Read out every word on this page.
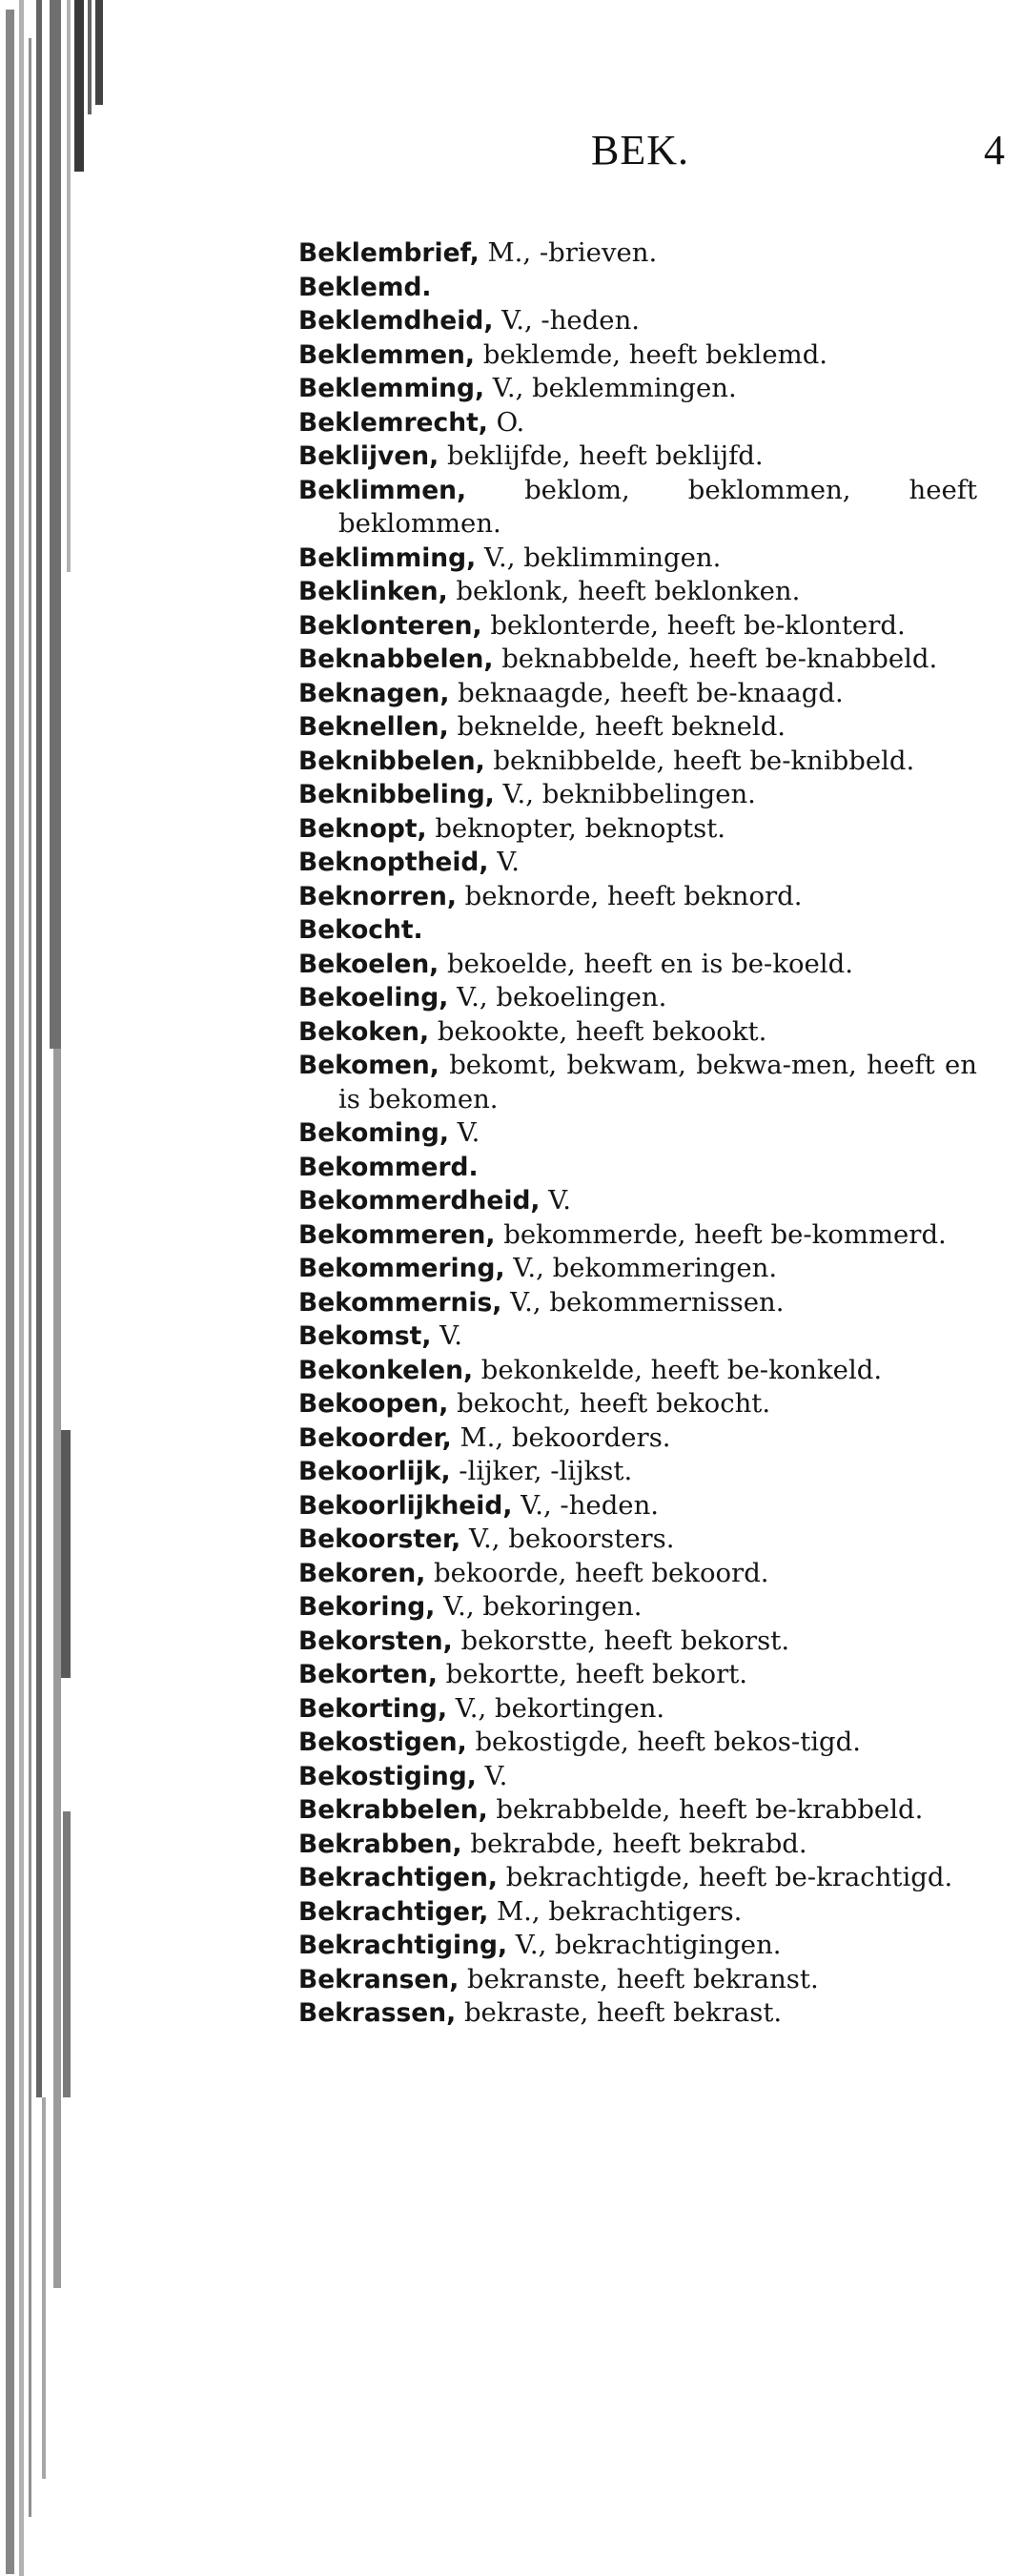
BEK.	4
Beklembrief, M., -brieven.
Beklemd.
Beklemdheid, V., -heden.
Beklemmen, beklemde, heeft beklemd.
Beklemming, V., beklemmingen.
Beklemrecht, O.
Beklijven, beklijfde, heeft beklijfd.
Beklimmen, beklom, beklommen, heeft beklommen.
Beklimming, V., beklimmingen.
Beklinken, beklonk, heeft beklonken.
Beklonteren, beklonterde, heeft be-klonterd.
Beknabbelen, beknabbelde, heeft be-knabbeld.
Beknagen, beknaagde, heeft be-knaagd.
Beknellen, beknelde, heeft bekneld.
Beknibbelen, beknibbelde, heeft be-knibbeld.
Beknibbeling, V., beknibbelingen.
Beknopt, beknopter, beknoptst.
Beknoptheid, V.
Beknorren, beknorde, heeft beknord.
Bekocht.
Bekoelen, bekoelde, heeft en is be-koeld.
Bekoeling, V., bekoelingen.
Bekoken, bekookte, heeft bekookt.
Bekomen, bekomt, bekwam, bekwa-men, heeft en is bekomen.
Bekoming, V.
Bekommerd.
Bekommerdheid, V.
Bekommeren, bekommerde, heeft be-kommerd.
Bekommering, V., bekommeringen.
Bekommernis, V., bekommernissen.
Bekomst, V.
Bekonkelen, bekonkelde, heeft be-konkeld.
Bekoopen, bekocht, heeft bekocht.
Bekoorder, M., bekoorders.
Bekoorlijk, -lijker, -lijkst.
Bekoorlijkheid, V., -heden.
Bekoorster, V., bekoorsters.
Bekoren, bekoorde, heeft bekoord.
Bekoring, V., bekoringen.
Bekorsten, bekorstte, heeft bekorst.
Bekorten, bekortte, heeft bekort.
Bekorting, V., bekortingen.
Bekostigen, bekostigde, heeft bekos-tigd.
Bekostiging, V.
Bekrabbelen, bekrabbelde, heeft be-krabbeld.
Bekrabben, bekrabde, heeft bekrabd.
Bekrachtigen, bekrachtigde, heeft be-krachtigd.
Bekrachtiger, M., bekrachtigers.
Bekrachtiging, V., bekrachtigingen.
Bekransen, bekranste, heeft bekranst.
Bekrassen, bekraste, heeft bekrast.
